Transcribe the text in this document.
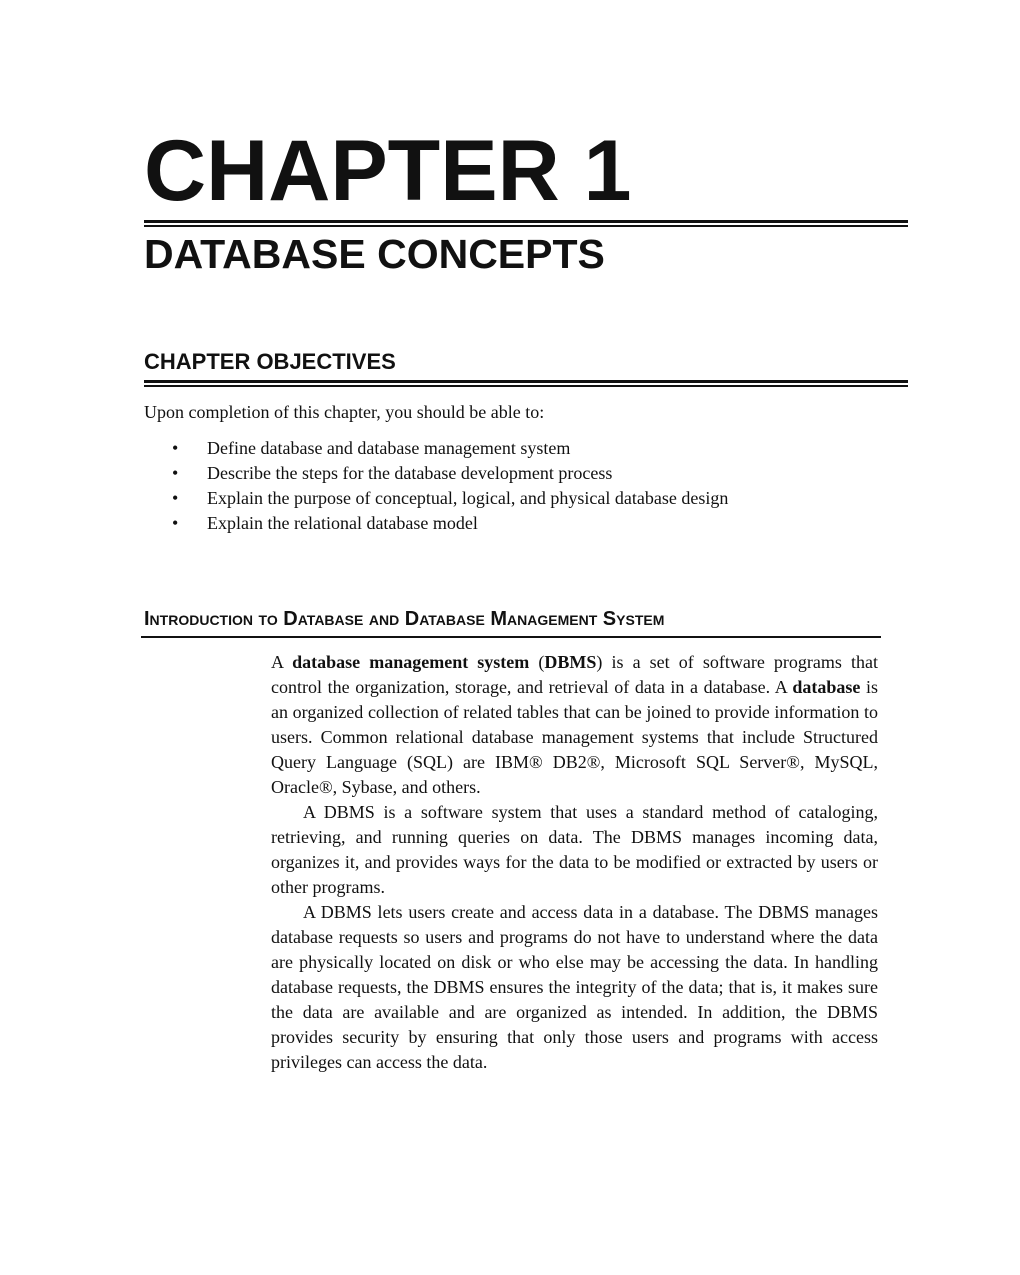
CHAPTER 1
DATABASE CONCEPTS
CHAPTER OBJECTIVES

Upon completion of this chapter, you should be able to:

• Define database and database management system
• Describe the steps for the database development process
• Explain the purpose of conceptual, logical, and physical database design
• Explain the relational database model
Introduction to Database and Database Management System

A database management system (DBMS) is a set of software programs that control the organization, storage, and retrieval of data in a database. A database is an organized collection of related tables that can be joined to provide information to users. Common relational database management systems that include Structured Query Language (SQL) are IBM® DB2®, Microsoft SQL Server®, MySQL, Oracle®, Sybase, and others.

A DBMS is a software system that uses a standard method of cataloging, retrieving, and running queries on data. The DBMS manages incoming data, organizes it, and provides ways for the data to be modified or extracted by users or other programs.

A DBMS lets users create and access data in a database. The DBMS manages database requests so users and programs do not have to understand where the data are physically located on disk or who else may be accessing the data. In handling database requests, the DBMS ensures the integrity of the data; that is, it makes sure the data are available and are organized as intended. In addition, the DBMS provides security by ensuring that only those users and programs with access privileges can access the data.
